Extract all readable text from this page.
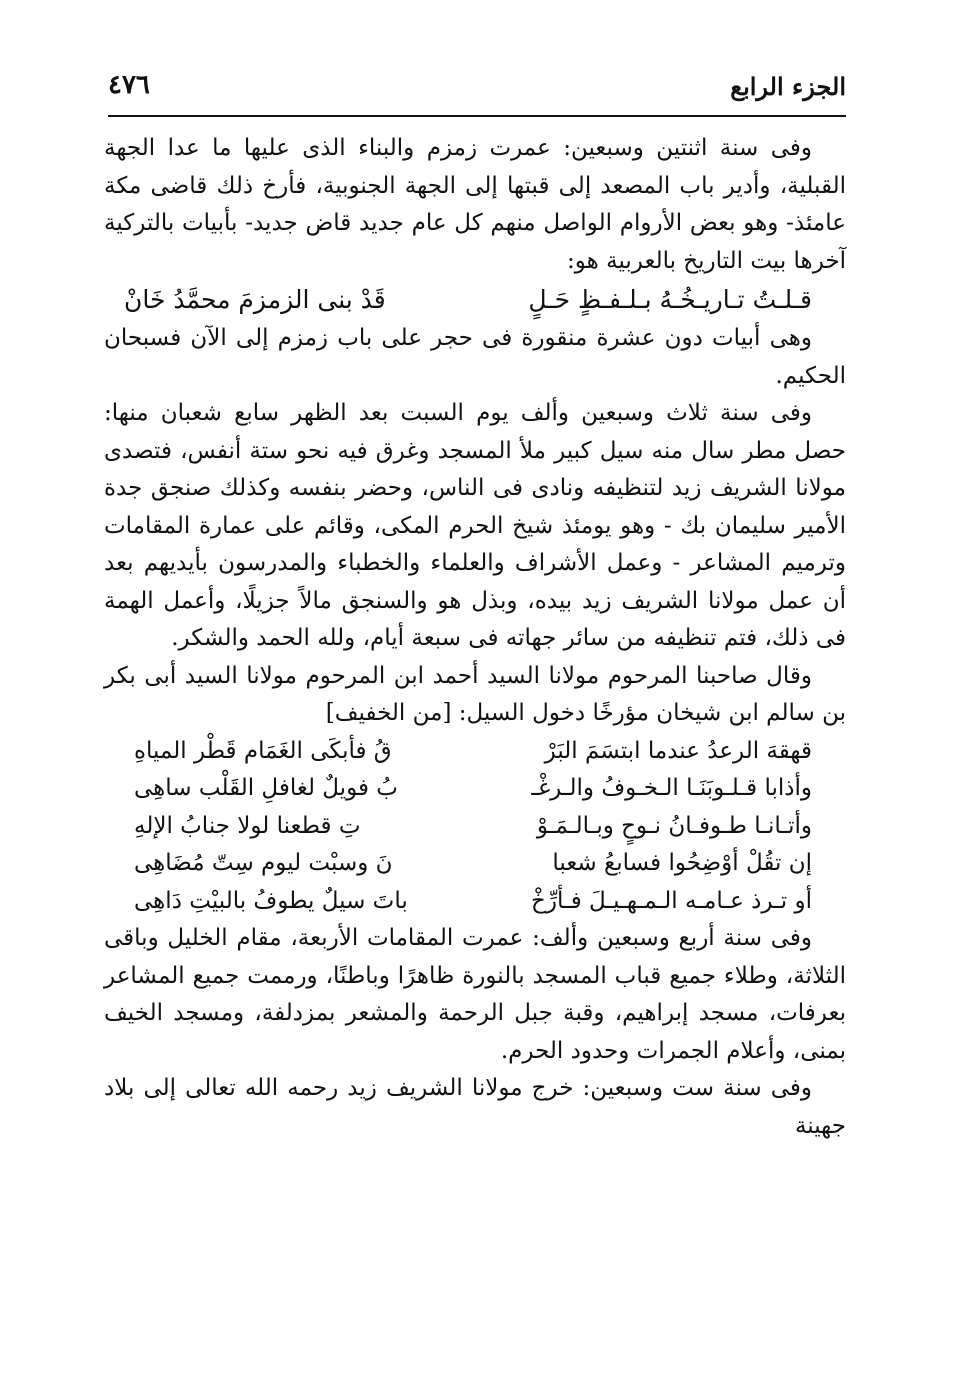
٤٧٦	الجزء الرابع

وفى سنة اثنتين وسبعين: عمرت زمزم والبناء الذى عليها ما عدا الجهة القبلية، وأدير باب المصعد إلى قبتها إلى الجهة الجنوبية، فأرخ ذلك قاضى مكة عامئذ- وهو بعض الأروام الواصل منهم كل عام جديد قاض جديد- بأبيات بالتركية آخرها بيت التاريخ بالعربية هو:

قـلـتُ تـاريـخُـهُ بـلـفـظٍ حَـلٍ
قَدْ بنى الزمزمَ محمَّدُ خَانْ

وهى أبيات دون عشرة منقورة فى حجر على باب زمزم إلى الآن فسبحان الحكيم.

وفى سنة ثلاث وسبعين وألف يوم السبت بعد الظهر سابع شعبان منها: حصل مطر سال منه سيل كبير ملأ المسجد وغرق فيه نحو ستة أنفس، فتصدى مولانا الشريف زيد لتنظيفه ونادى فى الناس، وحضر بنفسه وكذلك صنجق جدة الأمير سليمان بك - وهو يومئذ شيخ الحرم المكى، وقائم على عمارة المقامات وترميم المشاعر - وعمل الأشراف والعلماء والخطباء والمدرسون بأيديهم بعد أن عمل مولانا الشريف زيد بيده، وبذل هو والسنجق مالاً جزيلًا، وأعمل الهمة فى ذلك، فتم تنظيفه من سائر جهاته فى سبعة أيام، ولله الحمد والشكر.

وقال صاحبنا المرحوم مولانا السيد أحمد ابن المرحوم مولانا السيد أبى بكر بن سالم ابن شيخان مؤرخًا دخول السيل: [من الخفيف]

قهقهَ الرعدُ عندما ابتسَمَ البَرْ
قُ فأبكَى الغَمَام قَطْر المياهِ
وأذابا قـلـوبَنَـا الـخـوفُ والـرغْـ
بُ فويلٌ لغافلِ القَلْب ساهِى
وأتـانـا طـوفـانُ نـوحٍ وبـالـمَـوْ
تِ قطعنا لولا جنابُ الإلهِ
إن تقُلْ أوْضِحُوا فسابعُ شعبا
نَ وسبْت ليوم سِتّ مُضَاهِى
أو تـرذ عـامـه الـمـهـيـلَ فـأرِّخْ
باتَ سيلٌ يطوفُ بالبيْتِ دَاهِى

وفى سنة أربع وسبعين وألف: عمرت المقامات الأربعة، مقام الخليل وباقى الثلاثة، وطلاء جميع قباب المسجد بالنورة ظاهرًا وباطنًا، ورممت جميع المشاعر بعرفات، مسجد إبراهيم، وقبة جبل الرحمة والمشعر بمزدلفة، ومسجد الخيف بمنى، وأعلام الجمرات وحدود الحرم.

وفى سنة ست وسبعين: خرج مولانا الشريف زيد رحمه الله تعالى إلى بلاد جهينة
